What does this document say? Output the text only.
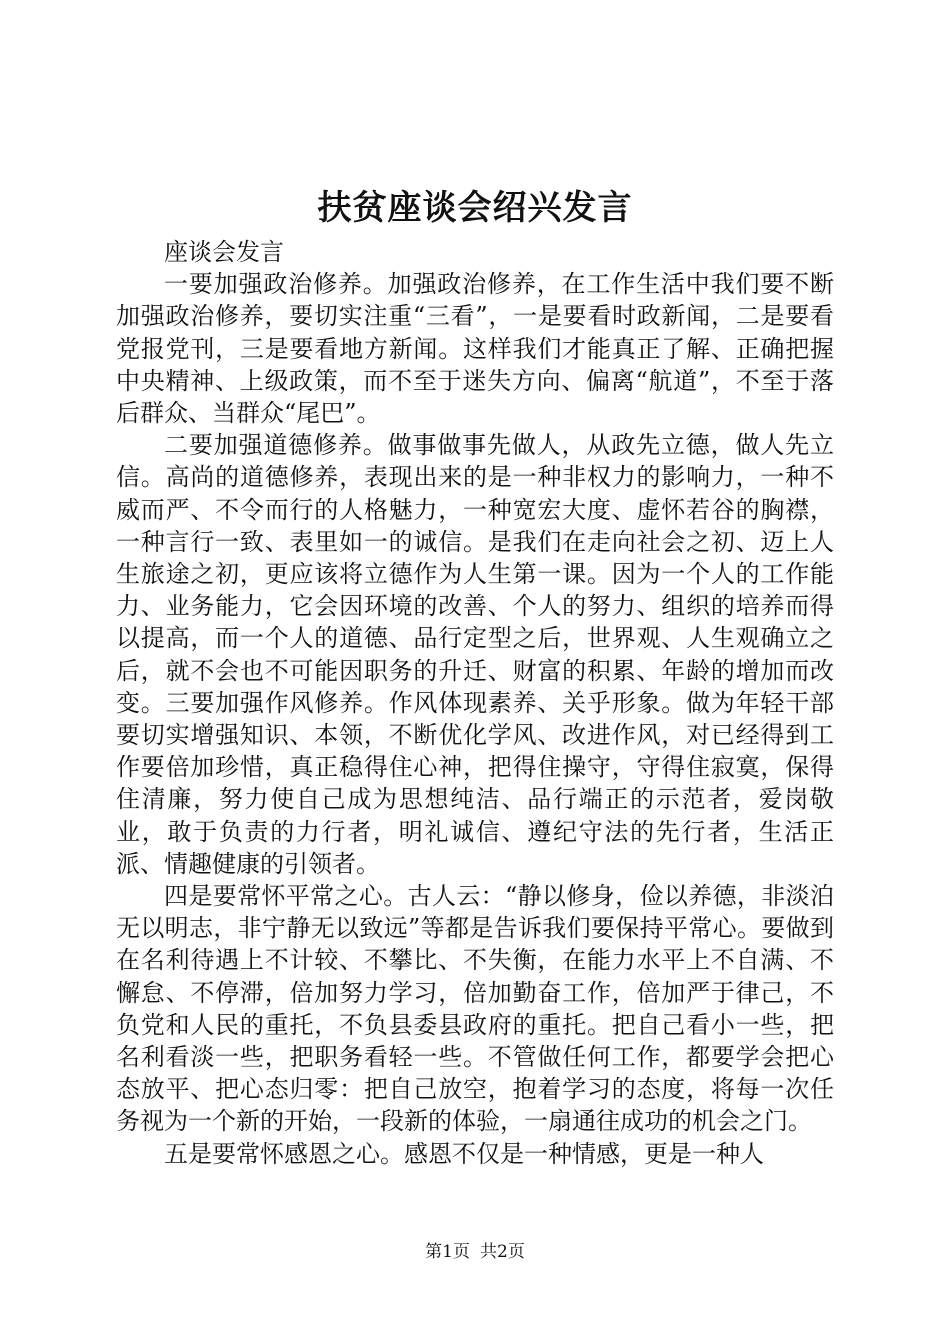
扶贫座谈会绍兴发言

座谈会发言

一要加强政治修养。加强政治修养，在工作生活中我们要不断加强政治修养，要切实注重“三看”，一是要看时政新闻，二是要看党报党刊，三是要看地方新闻。这样我们才能真正了解、正确把握中央精神、上级政策，而不至于迷失方向、偏离“航道”，不至于落后群众、当群众“尾巴”。

二要加强道德修养。做事做事先做人，从政先立德，做人先立信。高尚的道德修养，表现出来的是一种非权力的影响力，一种不威而严、不令而行的人格魅力，一种宽宏大度、虚怀若谷的胸襟，一种言行一致、表里如一的诚信。是我们在走向社会之初、迈上人生旅途之初，更应该将立德作为人生第一课。因为一个人的工作能力、业务能力，它会因环境的改善、个人的努力、组织的培养而得以提高，而一个人的道德、品行定型之后，世界观、人生观确立之后，就不会也不可能因职务的升迁、财富的积累、年龄的增加而改变。三要加强作风修养。作风体现素养、关乎形象。做为年轻干部要切实增强知识、本领，不断优化学风、改进作风，对已经得到工作要倍加珍惜，真正稳得住心神，把得住操守，守得住寂寞，保得住清廉，努力使自己成为思想纯洁、品行端正的示范者，爱岗敬业，敢于负责的力行者，明礼诚信、遵纪守法的先行者，生活正派、情趣健康的引领者。

四是要常怀平常之心。古人云：“静以修身，俭以养德，非淡泊无以明志，非宁静无以致远”等都是告诉我们要保持平常心。要做到在名利待遇上不计较、不攀比、不失衡，在能力水平上不自满、不懈怠、不停滞，倍加努力学习，倍加勤奋工作，倍加严于律己，不负党和人民的重托，不负县委县政府的重托。把自己看小一些，把名利看淡一些，把职务看轻一些。不管做任何工作，都要学会把心态放平、把心态归零：把自己放空，抱着学习的态度，将每一次任务视为一个新的开始，一段新的体验，一扇通往成功的机会之门。

五是要常怀感恩之心。感恩不仅是一种情感，更是一种人

第1页 共2页
